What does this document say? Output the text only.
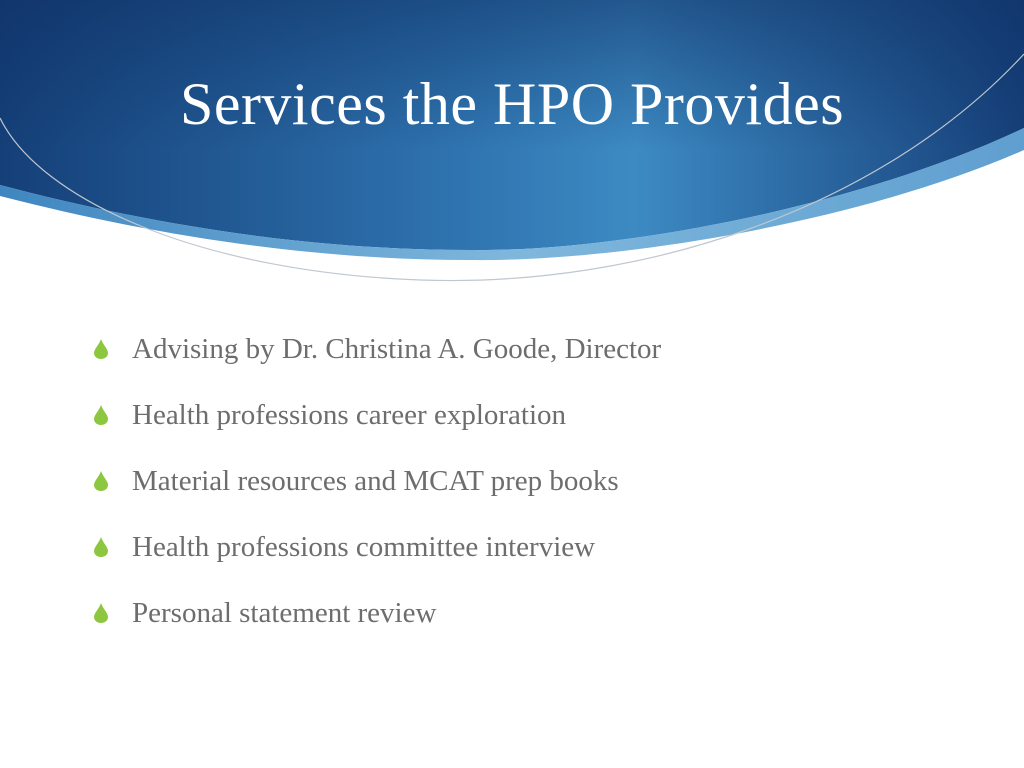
Services the HPO Provides
Advising by Dr. Christina A. Goode, Director
Health professions career exploration
Material resources and MCAT prep books
Health professions committee interview
Personal statement review
